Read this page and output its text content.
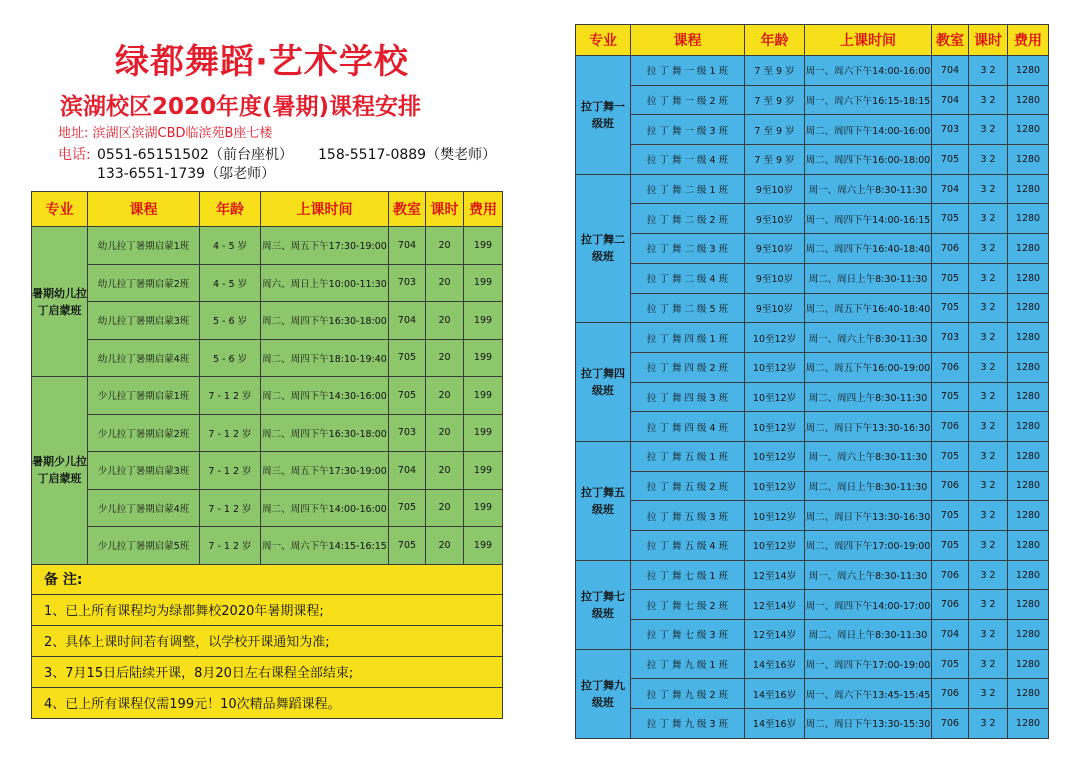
绿都舞蹈·艺术学校
滨湖校区2020年度(暑期)课程安排
地址: 滨湖区滨湖CBD临滨苑B座七楼
电话: 0551-65151502（前台座机） 158-5517-0889（樊老师）
133-6551-1739（邬老师）
专业	课程	年龄	上课时间	教室	课时	费用
暑期幼儿拉丁启蒙班	幼儿拉丁暑期启蒙1班	4 - 5 岁	周三、周五下午17:30-19:00	704	20	199
	幼儿拉丁暑期启蒙2班	4 - 5 岁	周六、周日上午10:00-11:30	703	20	199
	幼儿拉丁暑期启蒙3班	5 - 6 岁	周二、周四下午16:30-18:00	704	20	199
	幼儿拉丁暑期启蒙4班	5 - 6 岁	周二、周四下午18:10-19:40	705	20	199
暑期少儿拉丁启蒙班	少儿拉丁暑期启蒙1班	7 - 1 2 岁	周二、周四下午14:30-16:00	705	20	199
	少儿拉丁暑期启蒙2班	7 - 1 2 岁	周二、周四下午16:30-18:00	703	20	199
	少儿拉丁暑期启蒙3班	7 - 1 2 岁	周三、周五下午17:30-19:00	704	20	199
	少儿拉丁暑期启蒙4班	7 - 1 2 岁	周二、周四下午14:00-16:00	705	20	199
	少儿拉丁暑期启蒙5班	7 - 1 2 岁	周一、周六下午14:15-16:15	705	20	199
备 注:						
1、已上所有课程均为绿都舞校2020年暑期课程;						
2、具体上课时间若有调整，以学校开课通知为准;						
3、7月15日后陆续开课，8月20日左右课程全部结束;						
4、已上所有课程仅需199元！10次精品舞蹈课程。						
专业	课程	年龄	上课时间	教室	课时	费用
拉丁舞一级班	拉 丁 舞 一 级 1 班	7 至 9 岁	周一、周六下午14:00-16:00	704	3 2	1280
	拉 丁 舞 一 级 2 班	7 至 9 岁	周一、周六下午16:15-18:15	704	3 2	1280
	拉 丁 舞 一 级 3 班	7 至 9 岁	周二、周四下午14:00-16:00	703	3 2	1280
	拉 丁 舞 一 级 4 班	7 至 9 岁	周二、周四下午16:00-18:00	705	3 2	1280
拉丁舞二级班	拉 丁 舞 二 级 1 班	9至10岁	周一、周六上午8:30-11:30	704	3 2	1280
	拉 丁 舞 二 级 2 班	9至10岁	周一、周四下午14:00-16:15	705	3 2	1280
	拉 丁 舞 二 级 3 班	9至10岁	周二、周四下午16:40-18:40	706	3 2	1280
	拉 丁 舞 二 级 4 班	9至10岁	周二、周日上午8:30-11:30	705	3 2	1280
	拉 丁 舞 二 级 5 班	9至10岁	周二、周五下午16:40-18:40	705	3 2	1280
拉丁舞四级班	拉 丁 舞 四 级 1 班	10至12岁	周一、周六上午8:30-11:30	703	3 2	1280
	拉 丁 舞 四 级 2 班	10至12岁	周二、周五下午16:00-19:00	706	3 2	1280
	拉 丁 舞 四 级 3 班	10至12岁	周二、周四上午8:30-11:30	705	3 2	1280
	拉 丁 舞 四 级 4 班	10至12岁	周二、周日下午13:30-16:30	706	3 2	1280
拉丁舞五级班	拉 丁 舞 五 级 1 班	10至12岁	周一、周六上午8:30-11:30	705	3 2	1280
	拉 丁 舞 五 级 2 班	10至12岁	周二、周日上午8:30-11:30	706	3 2	1280
	拉 丁 舞 五 级 3 班	10至12岁	周二、周日下午13:30-16:30	705	3 2	1280
	拉 丁 舞 五 级 4 班	10至12岁	周二、周四下午17:00-19:00	705	3 2	1280
拉丁舞七级班	拉 丁 舞 七 级 1 班	12至14岁	周一、周六上午8:30-11:30	706	3 2	1280
	拉 丁 舞 七 级 2 班	12至14岁	周一、周四下午14:00-17:00	706	3 2	1280
	拉 丁 舞 七 级 3 班	12至14岁	周二、周日上午8:30-11:30	704	3 2	1280
拉丁舞九级班	拉 丁 舞 九 级 1 班	14至16岁	周一、周四下午17:00-19:00	705	3 2	1280
	拉 丁 舞 九 级 2 班	14至16岁	周一、周六下午13:45-15:45	706	3 2	1280
	拉 丁 舞 九 级 3 班	14至16岁	周二、周日下午13:30-15:30	706	3 2	1280
